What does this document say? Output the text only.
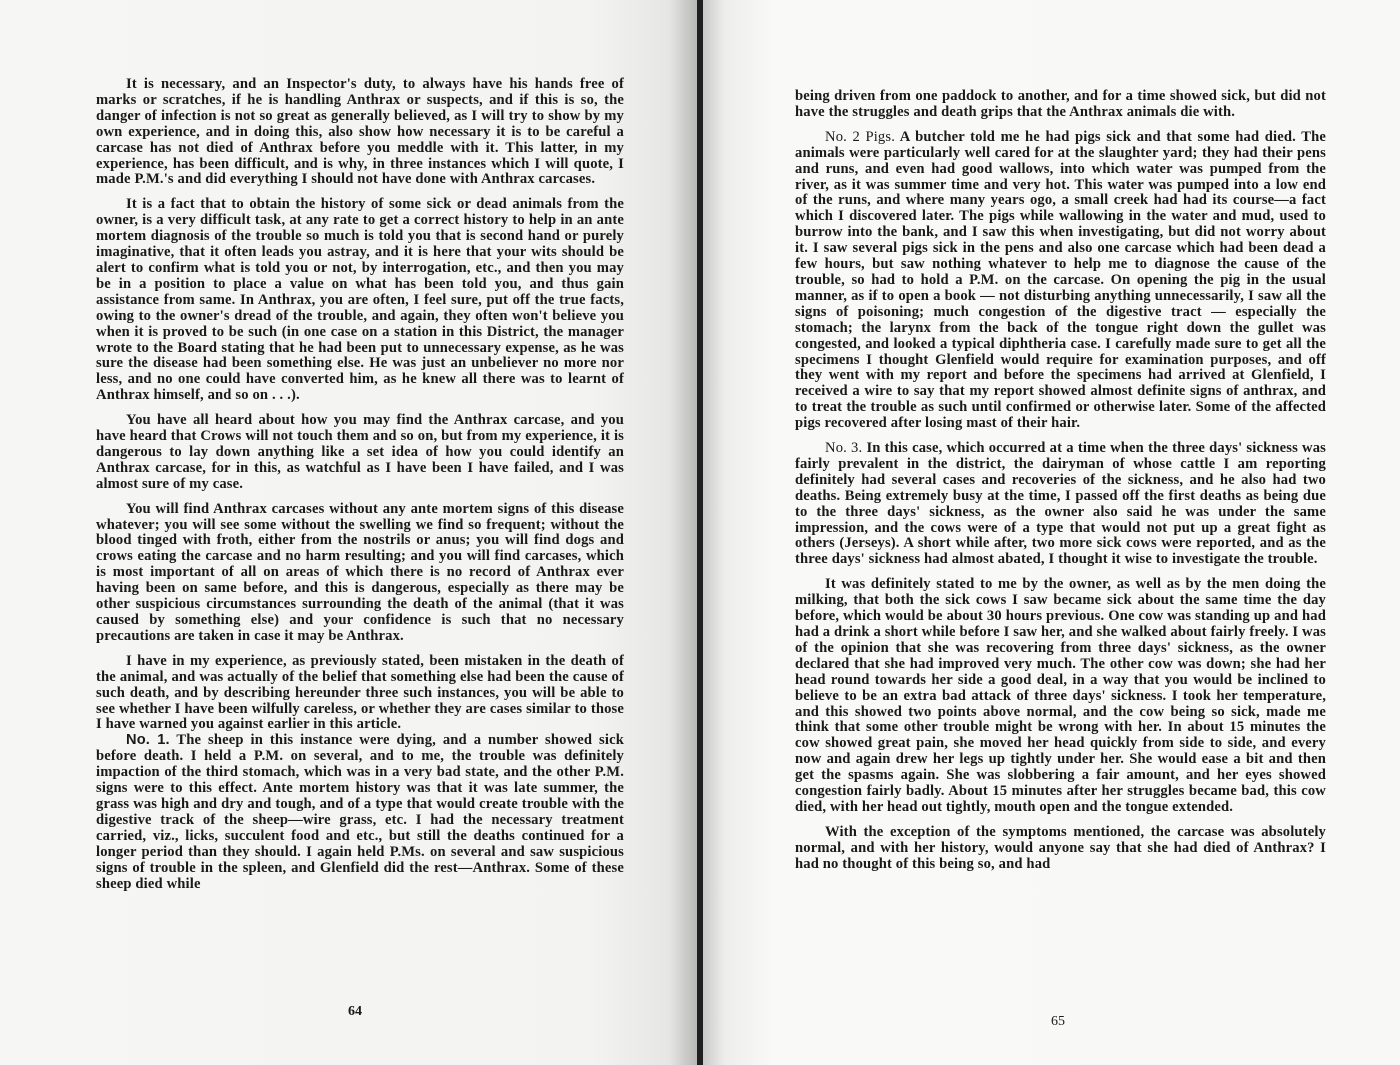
It is necessary, and an Inspector's duty, to always have his hands free of marks or scratches, if he is handling Anthrax or suspects, and if this is so, the danger of infection is not so great as generally believed, as I will try to show by my own experience, and in doing this, also show how necessary it is to be careful a carcase has not died of Anthrax before you meddle with it. This latter, in my experience, has been difficult, and is why, in three instances which I will quote, I made P.M.'s and did everything I should not have done with Anthrax carcases.

It is a fact that to obtain the history of some sick or dead animals from the owner, is a very difficult task, at any rate to get a correct history to help in an ante mortem diagnosis of the trouble so much is told you that is second hand or purely imaginative, that it often leads you astray, and it is here that your wits should be alert to confirm what is told you or not, by interrogation, etc., and then you may be in a position to place a value on what has been told you, and thus gain assistance from same. In Anthrax, you are often, I feel sure, put off the true facts, owing to the owner's dread of the trouble, and again, they often won't believe you when it is proved to be such (in one case on a station in this District, the manager wrote to the Board stating that he had been put to unnecessary expense, as he was sure the disease had been something else. He was just an unbeliever no more nor less, and no one could have converted him, as he knew all there was to learnt of Anthrax himself, and so on . . .).

You have all heard about how you may find the Anthrax carcase, and you have heard that Crows will not touch them and so on, but from my experience, it is dangerous to lay down anything like a set idea of how you could identify an Anthrax carcase, for in this, as watchful as I have been I have failed, and I was almost sure of my case.

You will find Anthrax carcases without any ante mortem signs of this disease whatever; you will see some without the swelling we find so frequent; without the blood tinged with froth, either from the nostrils or anus; you will find dogs and crows eating the carcase and no harm resulting; and you will find carcases, which is most important of all on areas of which there is no record of Anthrax ever having been on same before, and this is dangerous, especially as there may be other suspicious circumstances surrounding the death of the animal (that it was caused by something else) and your confidence is such that no necessary precautions are taken in case it may be Anthrax.

I have in my experience, as previously stated, been mistaken in the death of the animal, and was actually of the belief that something else had been the cause of such death, and by describing hereunder three such instances, you will be able to see whether I have been wilfully careless, or whether they are cases similar to those I have warned you against earlier in this article.

No. 1. The sheep in this instance were dying, and a number showed sick before death. I held a P.M. on several, and to me, the trouble was definitely impaction of the third stomach, which was in a very bad state, and the other P.M. signs were to this effect. Ante mortem history was that it was late summer, the grass was high and dry and tough, and of a type that would create trouble with the digestive track of the sheep—wire grass, etc. I had the necessary treatment carried, viz., licks, succulent food and etc., but still the deaths continued for a longer period than they should. I again held P.Ms. on several and saw suspicious signs of trouble in the spleen, and Glenfield did the rest—Anthrax. Some of these sheep died while

64

being driven from one paddock to another, and for a time showed sick, but did not have the struggles and death grips that the Anthrax animals die with.

No. 2 Pigs. A butcher told me he had pigs sick and that some had died. The animals were particularly well cared for at the slaughter yard; they had their pens and runs, and even had good wallows, into which water was pumped from the river, as it was summer time and very hot. This water was pumped into a low end of the runs, and where many years ogo, a small creek had had its course—a fact which I discovered later. The pigs while wallowing in the water and mud, used to burrow into the bank, and I saw this when investigating, but did not worry about it. I saw several pigs sick in the pens and also one carcase which had been dead a few hours, but saw nothing whatever to help me to diagnose the cause of the trouble, so had to hold a P.M. on the carcase. On opening the pig in the usual manner, as if to open a book — not disturbing anything unnecessarily, I saw all the signs of poisoning; much congestion of the digestive tract — especially the stomach; the larynx from the back of the tongue right down the gullet was congested, and looked a typical diphtheria case. I carefully made sure to get all the specimens I thought Glenfield would require for examination purposes, and off they went with my report and before the specimens had arrived at Glenfield, I received a wire to say that my report showed almost definite signs of anthrax, and to treat the trouble as such until confirmed or otherwise later. Some of the affected pigs recovered after losing mast of their hair.

No. 3. In this case, which occurred at a time when the three days' sickness was fairly prevalent in the district, the dairyman of whose cattle I am reporting definitely had several cases and recoveries of the sickness, and he also had two deaths. Being extremely busy at the time, I passed off the first deaths as being due to the three days' sickness, as the owner also said he was under the same impression, and the cows were of a type that would not put up a great fight as others (Jerseys). A short while after, two more sick cows were reported, and as the three days' sickness had almost abated, I thought it wise to investigate the trouble.

It was definitely stated to me by the owner, as well as by the men doing the milking, that both the sick cows I saw became sick about the same time the day before, which would be about 30 hours previous. One cow was standing up and had had a drink a short while before I saw her, and she walked about fairly freely. I was of the opinion that she was recovering from three days' sickness, as the owner declared that she had improved very much. The other cow was down; she had her head round towards her side a good deal, in a way that you would be inclined to believe to be an extra bad attack of three days' sickness. I took her temperature, and this showed two points above normal, and the cow being so sick, made me think that some other trouble might be wrong with her. In about 15 minutes the cow showed great pain, she moved her head quickly from side to side, and every now and again drew her legs up tightly under her. She would ease a bit and then get the spasms again. She was slobbering a fair amount, and her eyes showed congestion fairly badly. About 15 minutes after her struggles became bad, this cow died, with her head out tightly, mouth open and the tongue extended.

With the exception of the symptoms mentioned, the carcase was absolutely normal, and with her history, would anyone say that she had died of Anthrax? I had no thought of this being so, and had

65
